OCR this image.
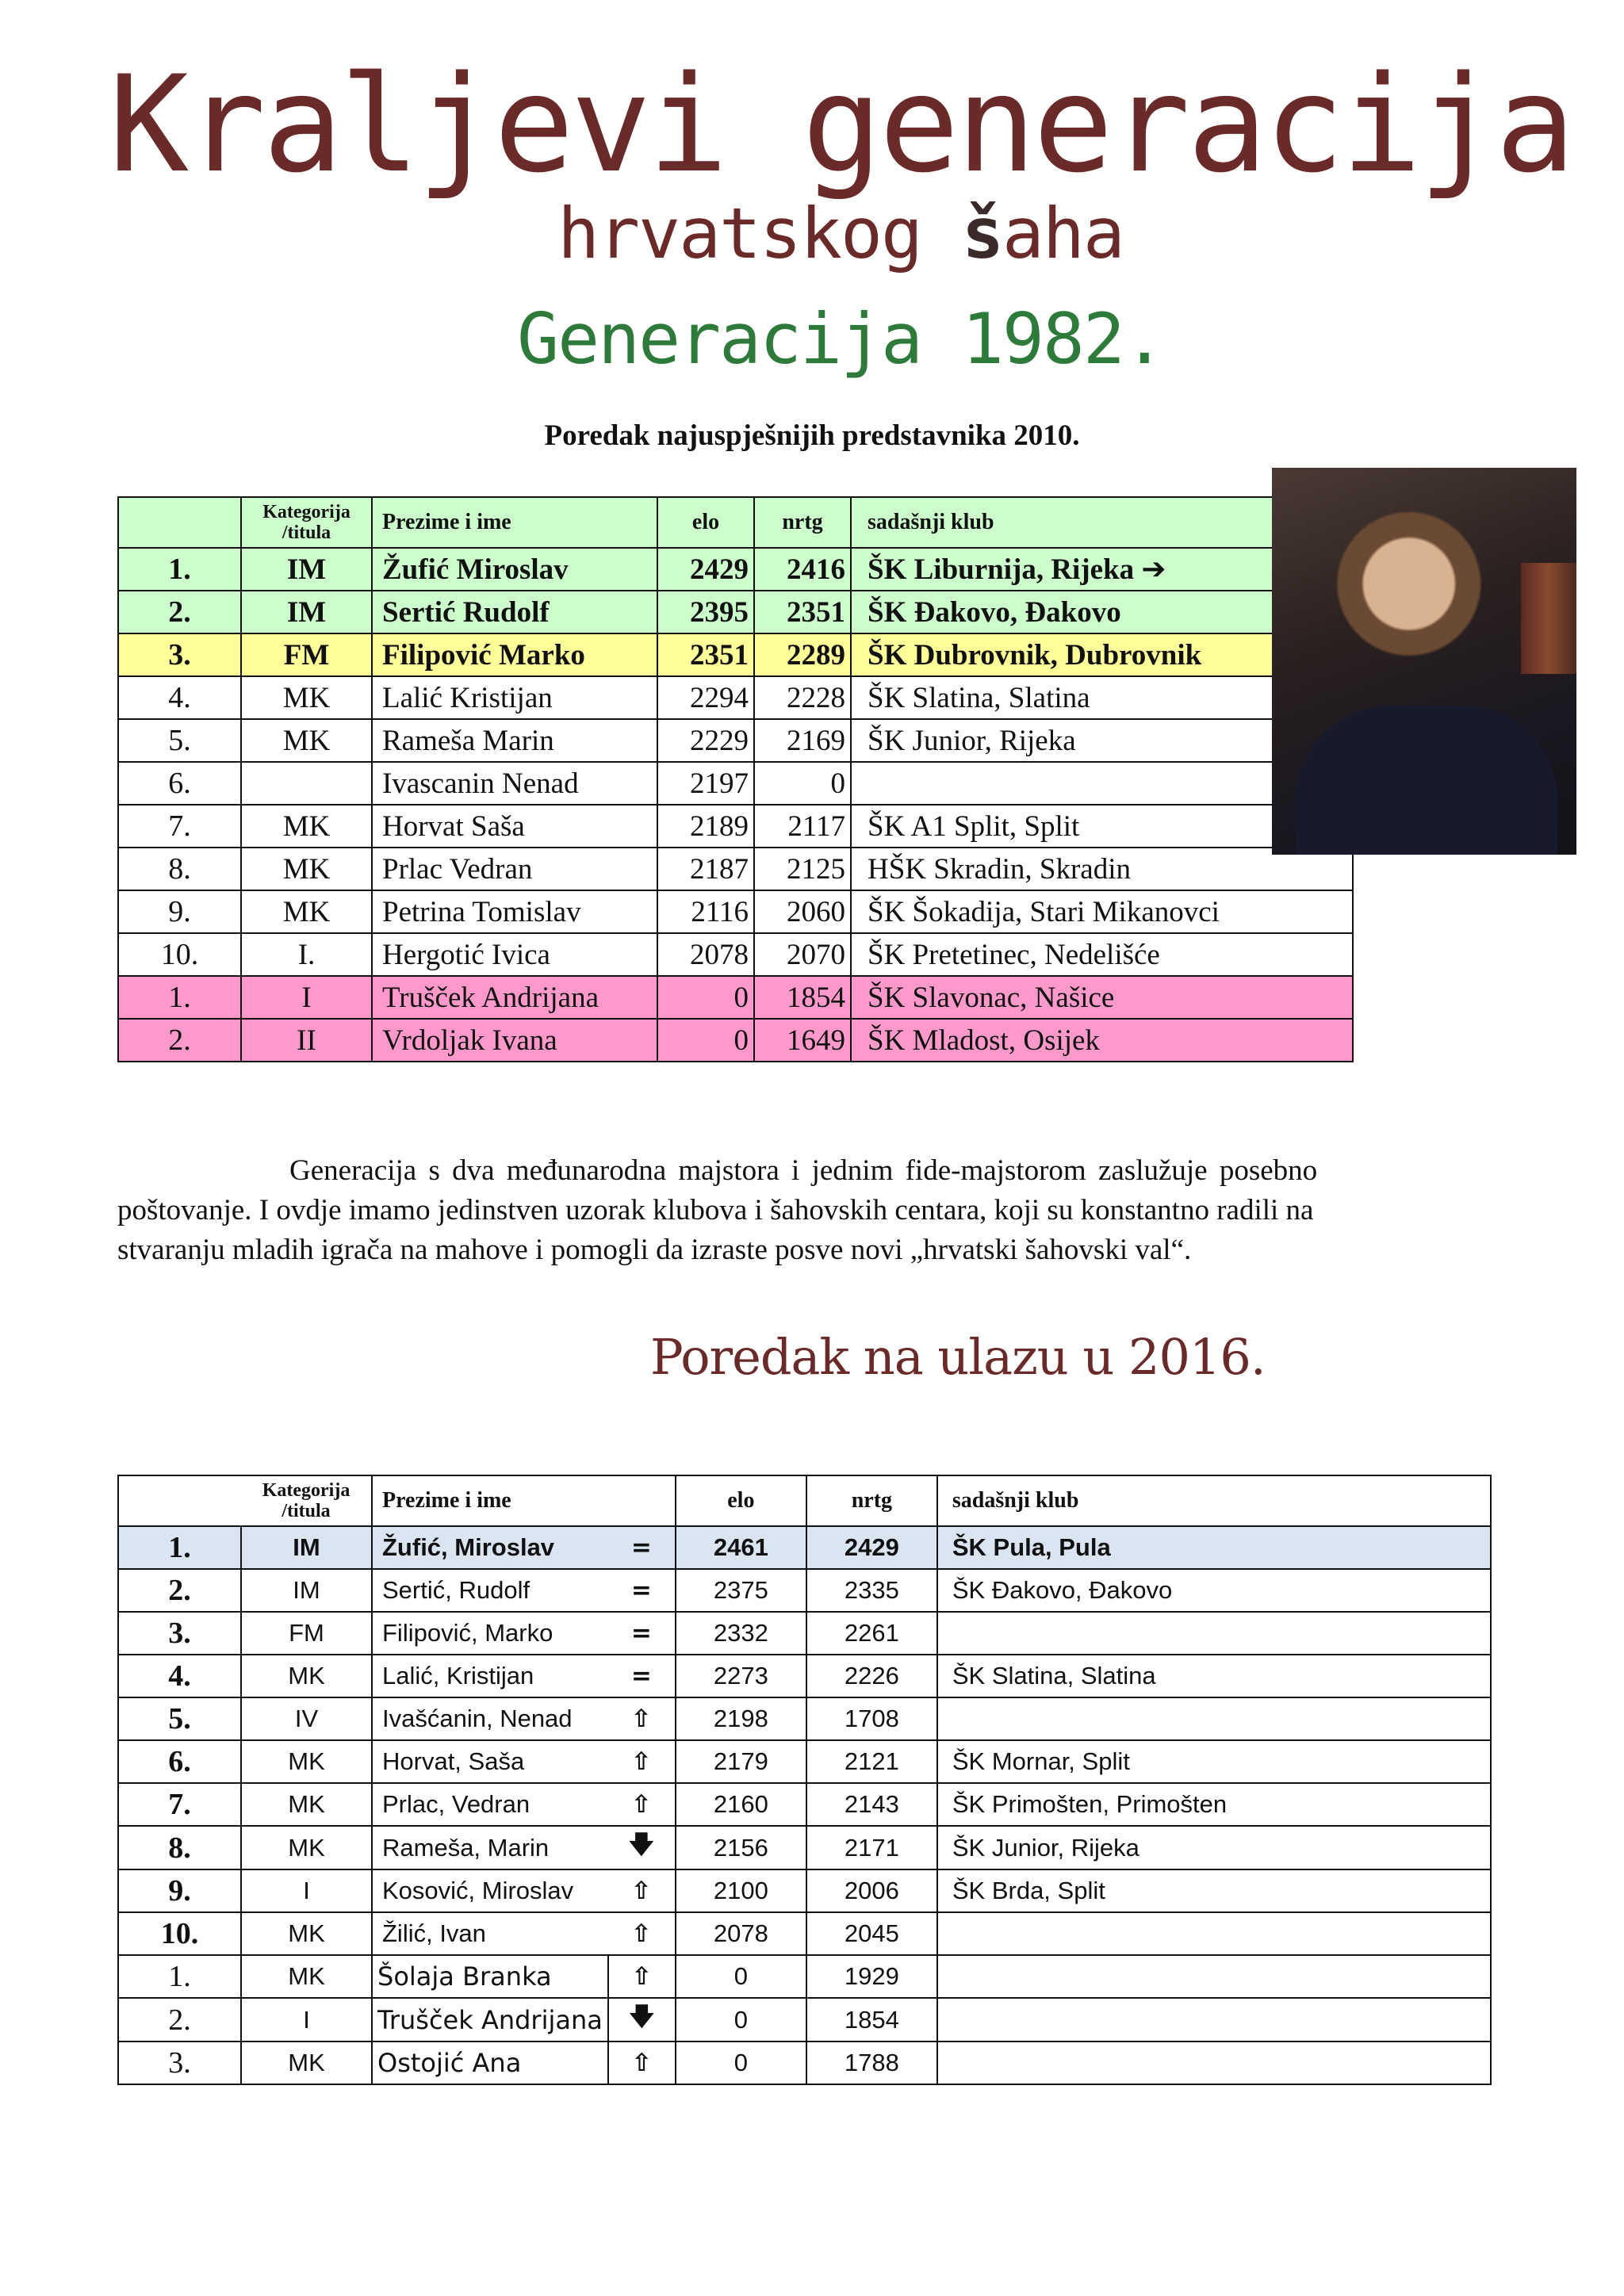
Kraljevi generacija
hrvatskog šaha
Generacija 1982.
Poredak najuspješnijih predstavnika 2010.
	Kategorija
/titula	Prezime i ime	elo	nrtg	sadašnji klub
1.	IM	Žufić Miroslav	2429	2416	ŠK Liburnija, Rijeka ➔
2.	IM	Sertić Rudolf	2395	2351	ŠK Đakovo, Đakovo
3.	FM	Filipović Marko	2351	2289	ŠK Dubrovnik, Dubrovnik
4.	MK	Lalić Kristijan	2294	2228	ŠK Slatina, Slatina
5.	MK	Rameša Marin	2229	2169	ŠK Junior, Rijeka
6.		Ivascanin Nenad	2197	0	
7.	MK	Horvat Saša	2189	2117	ŠK A1 Split, Split
8.	MK	Prlac Vedran	2187	2125	HŠK Skradin, Skradin
9.	MK	Petrina Tomislav	2116	2060	ŠK Šokadija, Stari Mikanovci
10.	I.	Hergotić Ivica	2078	2070	ŠK Pretetinec, Nedelišće
1.	I	Trušček Andrijana	0	1854	ŠK Slavonac, Našice
2.	II	Vrdoljak Ivana	0	1649	ŠK Mladost, Osijek

Generacija s dva međunarodna majstora i jednim fide-majstorom zaslužuje posebno

poštovanje. I ovdje imamo jedinstven uzorak klubova i šahovskih centara, koji su konstantno radili na

stvaranju mladih igrača na mahove i pomogli da izraste posve novi „hrvatski šahovski val“.

Poredak na ulazu u 2016.
	Kategorija
/titula	Prezime i ime		elo	nrtg	sadašnji klub
1.	IM	Žufić, Miroslav	=	2461	2429	ŠK Pula, Pula
2.	IM	Sertić, Rudolf	=	2375	2335	ŠK Đakovo, Đakovo
3.	FM	Filipović, Marko	=	2332	2261	
4.	MK	Lalić, Kristijan	=	2273	2226	ŠK Slatina, Slatina
5.	IV	Ivašćanin, Nenad	⇧	2198	1708	
6.	MK	Horvat, Saša	⇧	2179	2121	ŠK Mornar, Split
7.	MK	Prlac, Vedran	⇧	2160	2143	ŠK Primošten, Primošten
8.	MK	Rameša, Marin	🡇	2156	2171	ŠK Junior, Rijeka
9.	I	Kosović, Miroslav	⇧	2100	2006	ŠK Brda, Split
10.	MK	Žilić, Ivan	⇧	2078	2045	
1.	MK	Šolaja Branka	⇧	0	1929	
2.	I	Trušček Andrijana	🡇	0	1854	
3.	MK	Ostojić Ana	⇧	0	1788	
